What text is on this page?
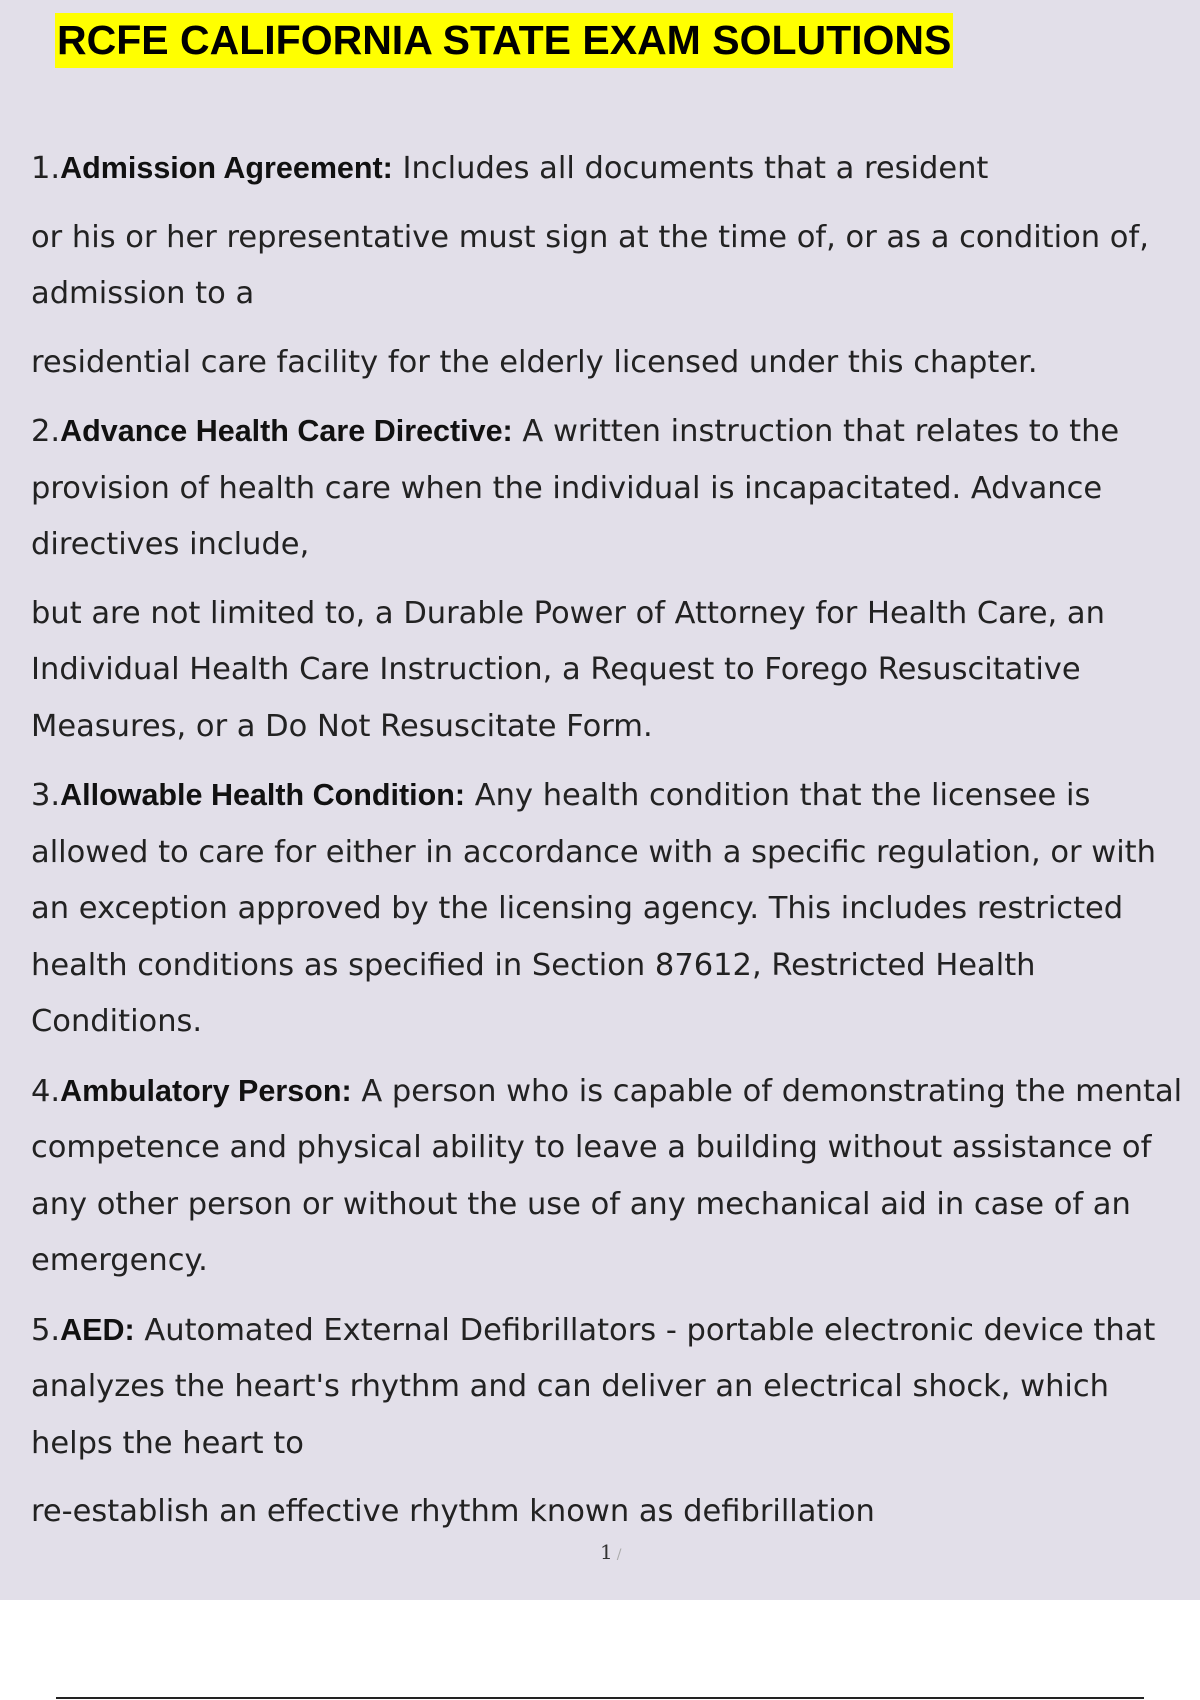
RCFE CALIFORNIA STATE EXAM SOLUTIONS

1.Admission Agreement: Includes all documents that a resident

or his or her representative must sign at the time of, or as a condition of, admission to a

residential care facility for the elderly licensed under this chapter.

2.Advance Health Care Directive: A written instruction that relates to the provision of health care when the individual is incapacitated. Advance directives include,

but are not limited to, a Durable Power of Attorney for Health Care, an Individual Health Care Instruction, a Request to Forego Resuscitative Measures, or a Do Not Resuscitate Form.

3.Allowable Health Condition: Any health condition that the licensee is allowed to care for either in accordance with a specific regulation, or with an exception approved by the licensing agency. This includes restricted health conditions as specified in Section 87612, Restricted Health Conditions.

4.Ambulatory Person: A person who is capable of demonstrating the mental competence and physical ability to leave a building without assistance of any other person or without the use of any mechanical aid in case of an emergency.

5.AED: Automated External Defibrillators - portable electronic device that analyzes the heart's rhythm and can deliver an electrical shock, which helps the heart to

re-establish an effective rhythm known as defibrillation

1 /
